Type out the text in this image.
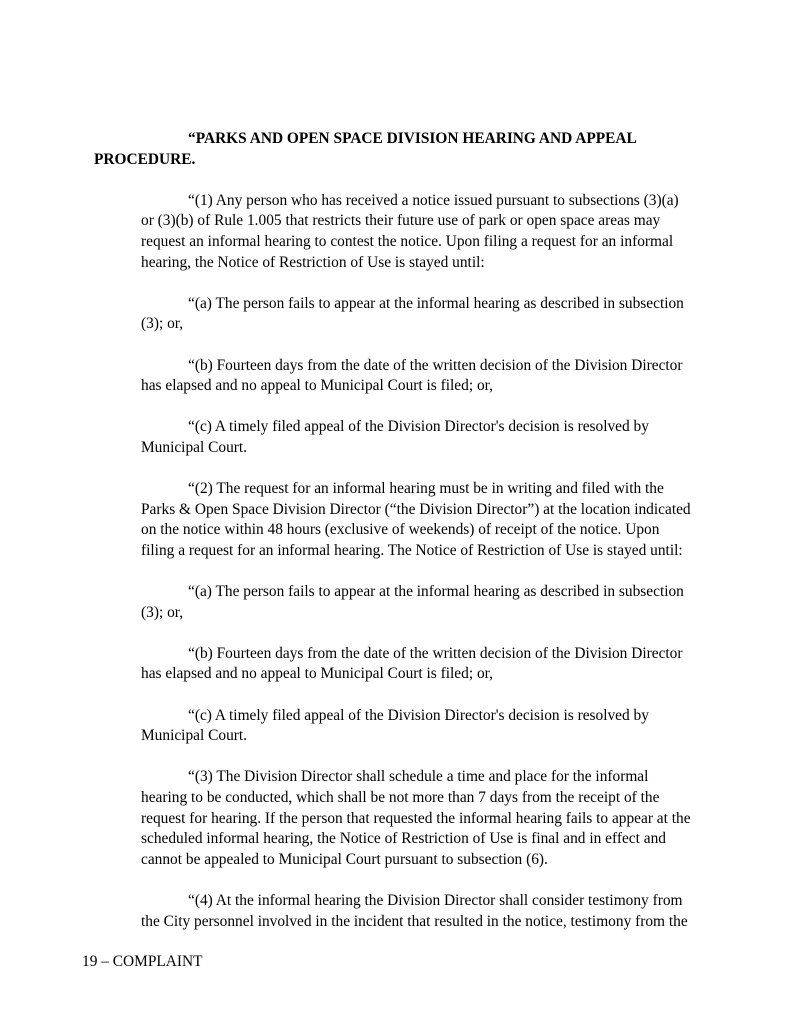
“PARKS AND OPEN SPACE DIVISION HEARING AND APPEAL
PROCEDURE.
“(1) Any person who has received a notice issued pursuant to subsections (3)(a)
or (3)(b) of Rule 1.005 that restricts their future use of park or open space areas may
request an informal hearing to contest the notice. Upon filing a request for an informal
hearing, the Notice of Restriction of Use is stayed until:
“(a) The person fails to appear at the informal hearing as described in subsection
(3); or,
“(b) Fourteen days from the date of the written decision of the Division Director
has elapsed and no appeal to Municipal Court is filed; or,
“(c) A timely filed appeal of the Division Director's decision is resolved by
Municipal Court.
“(2) The request for an informal hearing must be in writing and filed with the
Parks & Open Space Division Director (“the Division Director”) at the location indicated
on the notice within 48 hours (exclusive of weekends) of receipt of the notice. Upon
filing a request for an informal hearing. The Notice of Restriction of Use is stayed until:
“(a) The person fails to appear at the informal hearing as described in subsection
(3); or,
“(b) Fourteen days from the date of the written decision of the Division Director
has elapsed and no appeal to Municipal Court is filed; or,
“(c) A timely filed appeal of the Division Director's decision is resolved by
Municipal Court.
“(3) The Division Director shall schedule a time and place for the informal
hearing to be conducted, which shall be not more than 7 days from the receipt of the
request for hearing. If the person that requested the informal hearing fails to appear at the
scheduled informal hearing, the Notice of Restriction of Use is final and in effect and
cannot be appealed to Municipal Court pursuant to subsection (6).
“(4) At the informal hearing the Division Director shall consider testimony from
the City personnel involved in the incident that resulted in the notice, testimony from the
19 – COMPLAINT
